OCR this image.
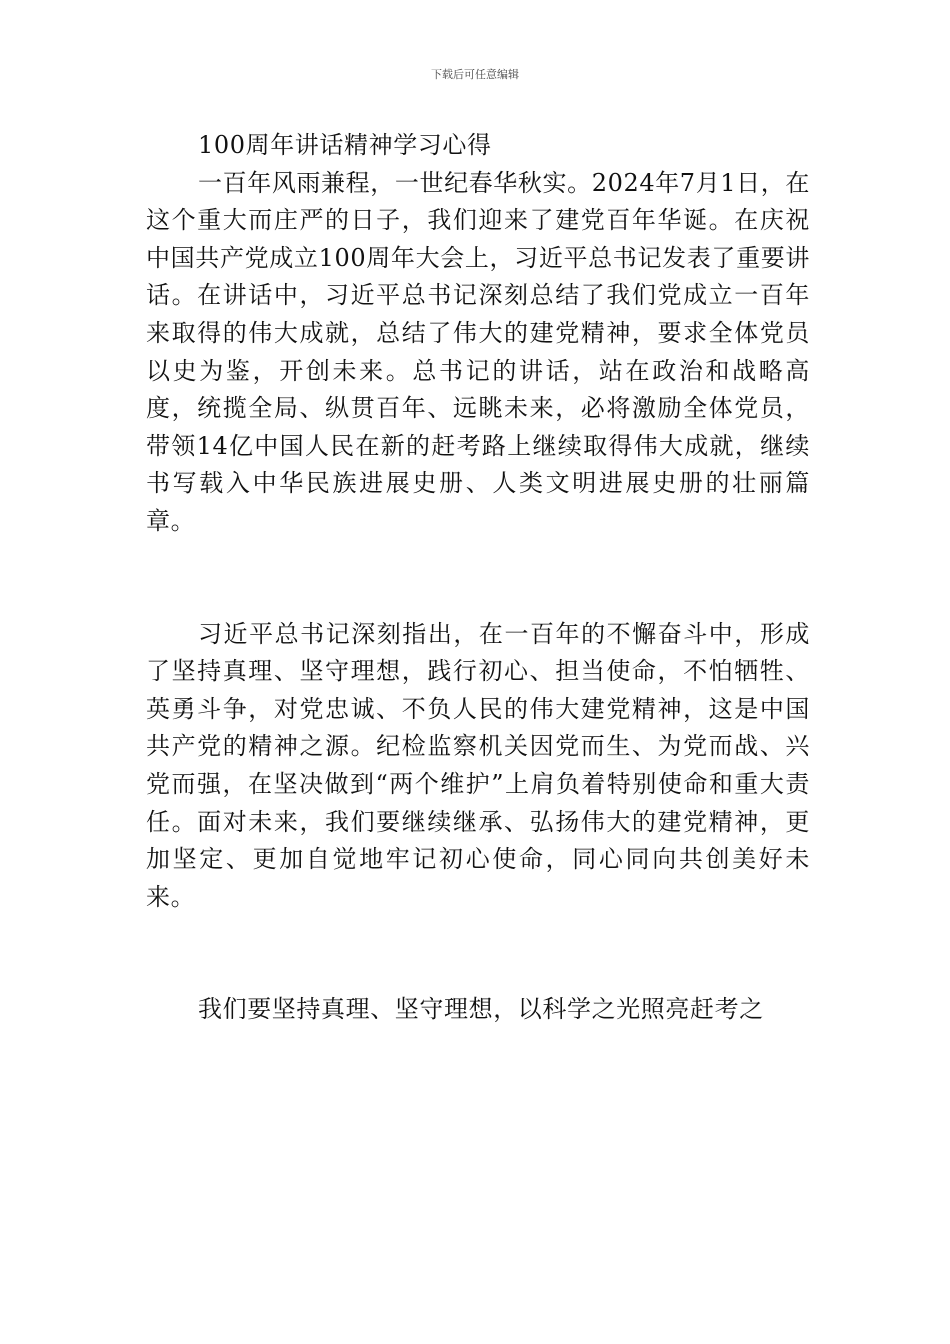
下载后可任意编辑
100周年讲话精神学习心得

一百年风雨兼程，一世纪春华秋实。2024年7月1日，在这个重大而庄严的日子，我们迎来了建党百年华诞。在庆祝中国共产党成立100周年大会上，习近平总书记发表了重要讲话。在讲话中，习近平总书记深刻总结了我们党成立一百年来取得的伟大成就，总结了伟大的建党精神，要求全体党员以史为鉴，开创未来。总书记的讲话，站在政治和战略高度，统揽全局、纵贯百年、远眺未来，必将激励全体党员，带领14亿中国人民在新的赶考路上继续取得伟大成就，继续书写载入中华民族进展史册、人类文明进展史册的壮丽篇章。

习近平总书记深刻指出，在一百年的不懈奋斗中，形成了坚持真理、坚守理想，践行初心、担当使命，不怕牺牲、英勇斗争，对党忠诚、不负人民的伟大建党精神，这是中国共产党的精神之源。纪检监察机关因党而生、为党而战、兴党而强，在坚决做到“两个维护”上肩负着特别使命和重大责任。面对未来，我们要继续继承、弘扬伟大的建党精神，更加坚定、更加自觉地牢记初心使命，同心同向共创美好未来。

我们要坚持真理、坚守理想，以科学之光照亮赶考之
